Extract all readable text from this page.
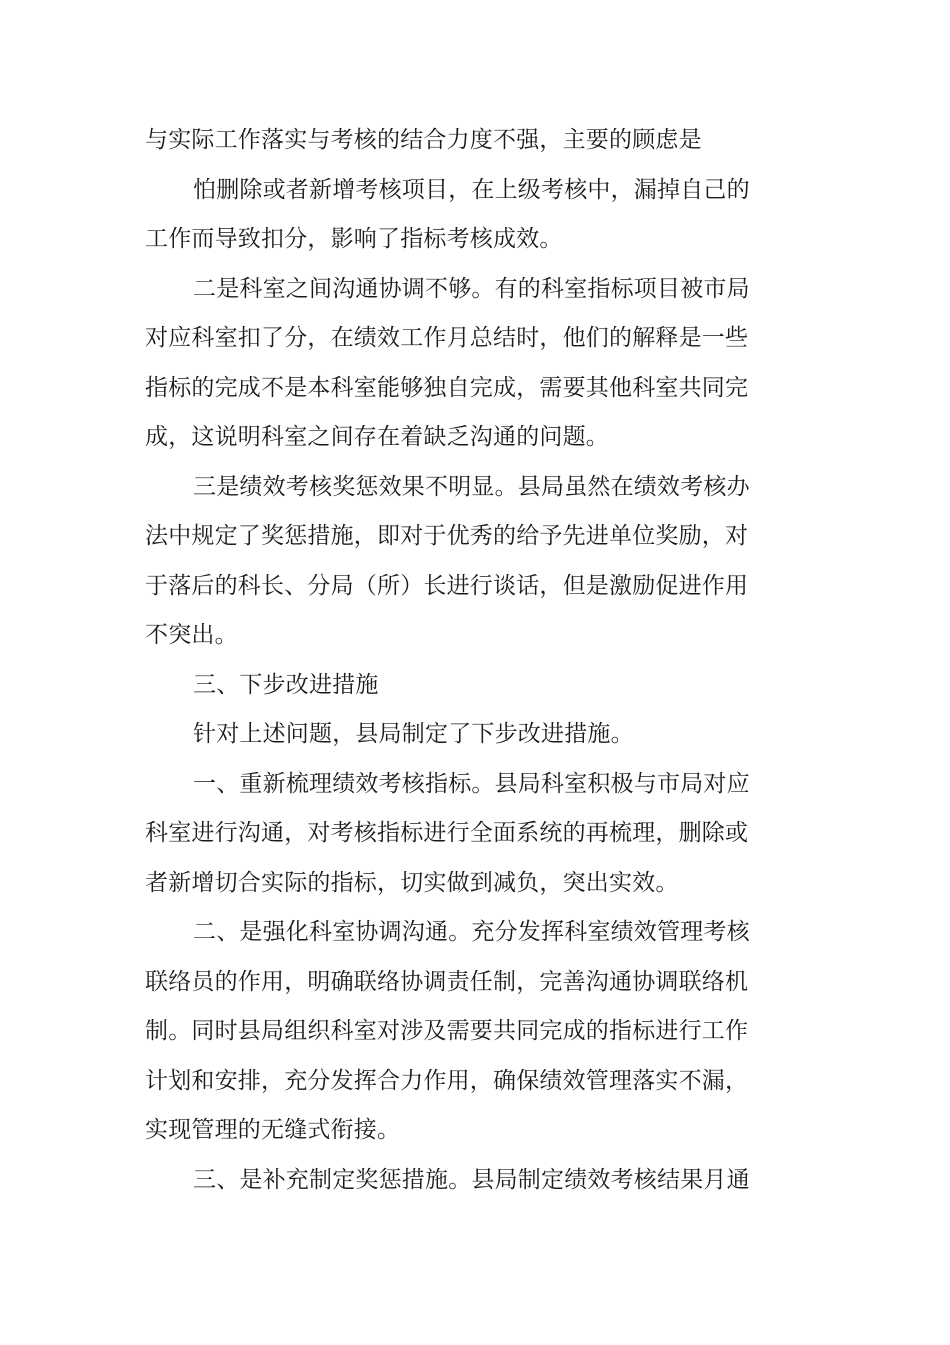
与实际工作落实与考核的结合力度不强，主要的顾虑是
怕删除或者新增考核项目，在上级考核中，漏掉自己的
工作而导致扣分，影响了指标考核成效。
二是科室之间沟通协调不够。有的科室指标项目被市局
对应科室扣了分，在绩效工作月总结时，他们的解释是一些
指标的完成不是本科室能够独自完成，需要其他科室共同完
成，这说明科室之间存在着缺乏沟通的问题。
三是绩效考核奖惩效果不明显。县局虽然在绩效考核办
法中规定了奖惩措施，即对于优秀的给予先进单位奖励，对
于落后的科长、分局（所）长进行谈话，但是激励促进作用
不突出。
三、下步改进措施
针对上述问题，县局制定了下步改进措施。
一、重新梳理绩效考核指标。县局科室积极与市局对应
科室进行沟通，对考核指标进行全面系统的再梳理，删除或
者新增切合实际的指标，切实做到减负，突出实效。
二、是强化科室协调沟通。充分发挥科室绩效管理考核
联络员的作用，明确联络协调责任制，完善沟通协调联络机
制。同时县局组织科室对涉及需要共同完成的指标进行工作
计划和安排，充分发挥合力作用，确保绩效管理落实不漏，
实现管理的无缝式衔接。
三、是补充制定奖惩措施。县局制定绩效考核结果月通
